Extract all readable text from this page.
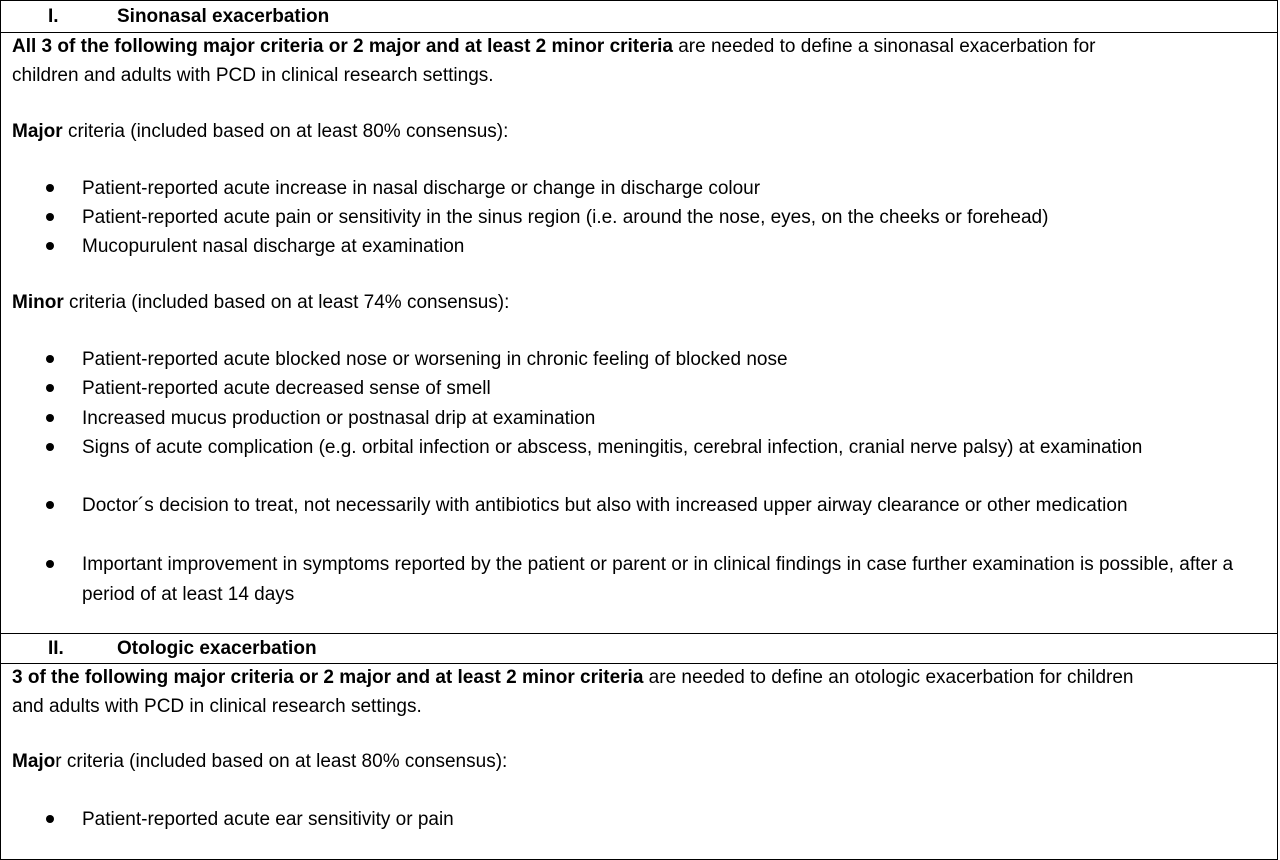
I.	Sinonasal exacerbation
All 3 of the following major criteria or 2 major and at least 2 minor criteria are needed to define a sinonasal exacerbation for
children and adults with PCD in clinical research settings.
Major criteria (included based on at least 80% consensus):
Patient-reported acute increase in nasal discharge or change in discharge colour
Patient-reported acute pain or sensitivity in the sinus region (i.e. around the nose, eyes, on the cheeks or forehead)
Mucopurulent nasal discharge at examination
Minor criteria (included based on at least 74% consensus):
Patient-reported acute blocked nose or worsening in chronic feeling of blocked nose
Patient-reported acute decreased sense of smell
Increased mucus production or postnasal drip at examination
Signs of acute complication (e.g. orbital infection or abscess, meningitis, cerebral infection, cranial nerve palsy) at examination
Doctor´s decision to treat, not necessarily with antibiotics but also with increased upper airway clearance or other medication
Important improvement in symptoms reported by the patient or parent or in clinical findings in case further examination is possible, after a period of at least 14 days
II.	Otologic exacerbation
3 of the following major criteria or 2 major and at least 2 minor criteria are needed to define an otologic exacerbation for children
and adults with PCD in clinical research settings.
Major criteria (included based on at least 80% consensus):
Patient-reported acute ear sensitivity or pain
